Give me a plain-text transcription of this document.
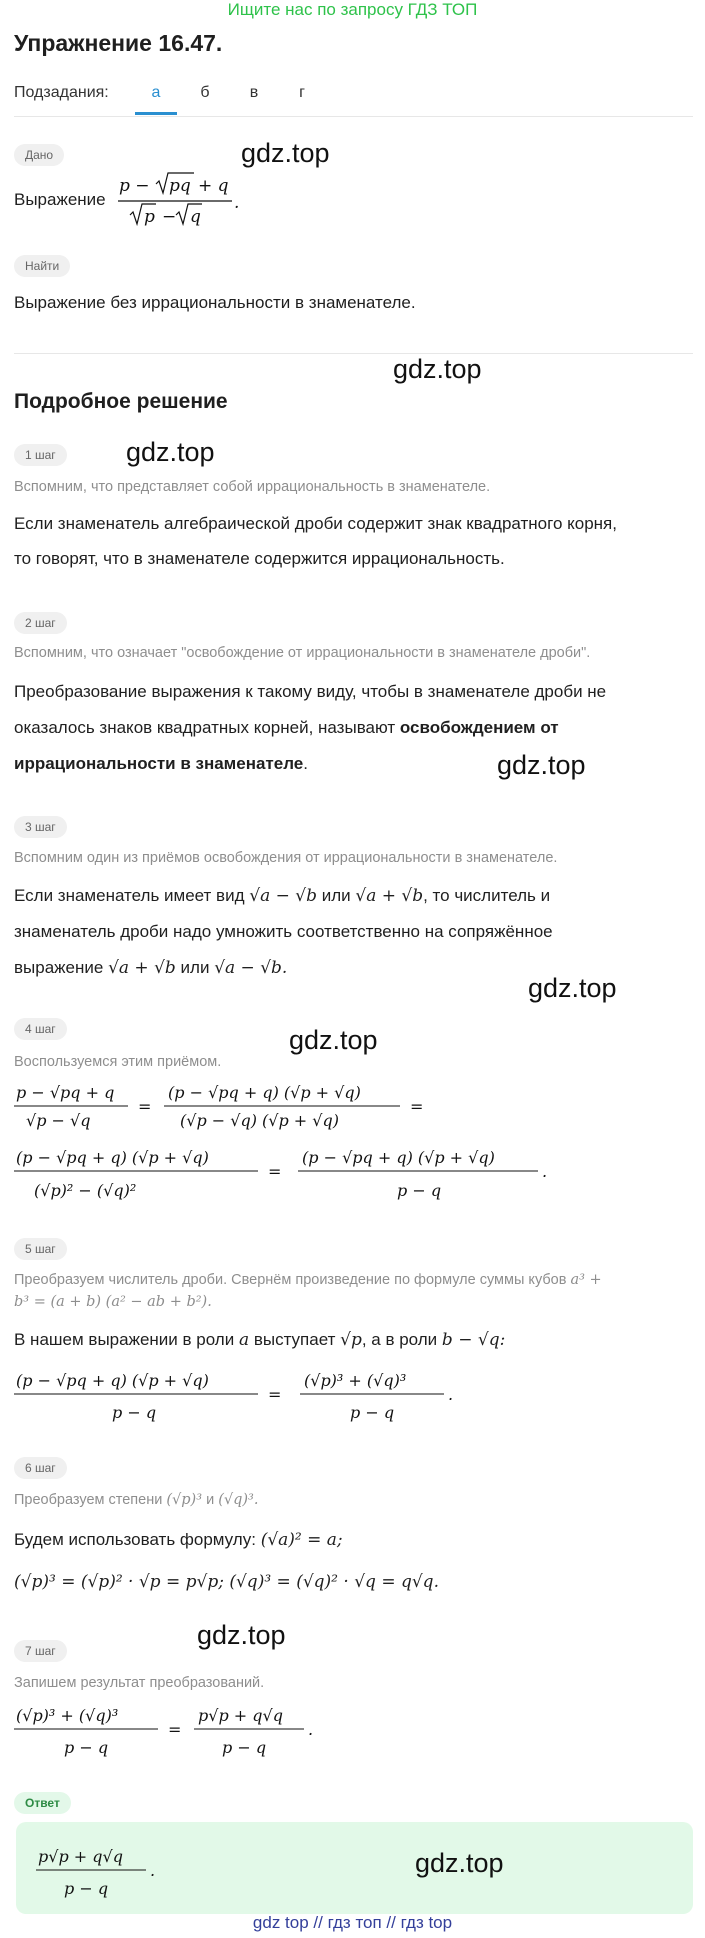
Ищите нас по запросу ГДЗ ТОП
Упражнение 16.47.
Подзадания:	а	б	в	г
Дано	gdz.top
Выражение
p − pq + q
p − q
.
Найти
Выражение без иррациональности в знаменателе.
gdz.top
Подробное решение
1 шаг	gdz.top
Вспомним, что представляет собой иррациональность в знаменателе.
Если знаменатель алгебраической дроби содержит знак квадратного корня,
то говорят, что в знаменателе содержится иррациональность.
2 шаг
Вспомним, что означает "освобождение от иррациональности в знаменателе дроби".
Преобразование выражения к такому виду, чтобы в знаменателе дроби не
оказалось знаков квадратных корней, называют освобождением от
иррациональности в знаменателе.	gdz.top
3 шаг
Вспомним один из приёмов освобождения от иррациональности в знаменателе.
Если знаменатель имеет вид √a − √b или √a + √b, то числитель и
знаменатель дроби надо умножить соответственно на сопряжённое
выражение √a + √b или √a − √b.
gdz.top
4 шаг	gdz.top
Воспользуемся этим приёмом.
p − √pq + q
√p − √q
=
(p − √pq + q) (√p + √q)
(√p − √q) (√p + √q)
=
(p − √pq + q) (√p + √q)
(√p)² − (√q)²
=
(p − √pq + q) (√p + √q)
p − q
.
5 шаг
Преобразуем числитель дроби. Свернём произведение по формуле суммы кубов a³ +
b³ = (a + b) (a² − ab + b²).
В нашем выражении в роли a выступает √p, а в роли b − √q:
(p − √pq + q) (√p + √q)
p − q
=
(√p)³ + (√q)³
p − q
.
6 шаг
Преобразуем степени (√p)³ и (√q)³.
Будем использовать формулу: (√a)² = a;
(√p)³ = (√p)² · √p = p√p; (√q)³ = (√q)² · √q = q√q.
gdz.top
7 шаг
Запишем результат преобразований.
(√p)³ + (√q)³
p − q
=
p√p + q√q
p − q
.
Ответ
p√p + q√q
p − q
.	gdz.top
gdz top // гдз топ // гдз top
